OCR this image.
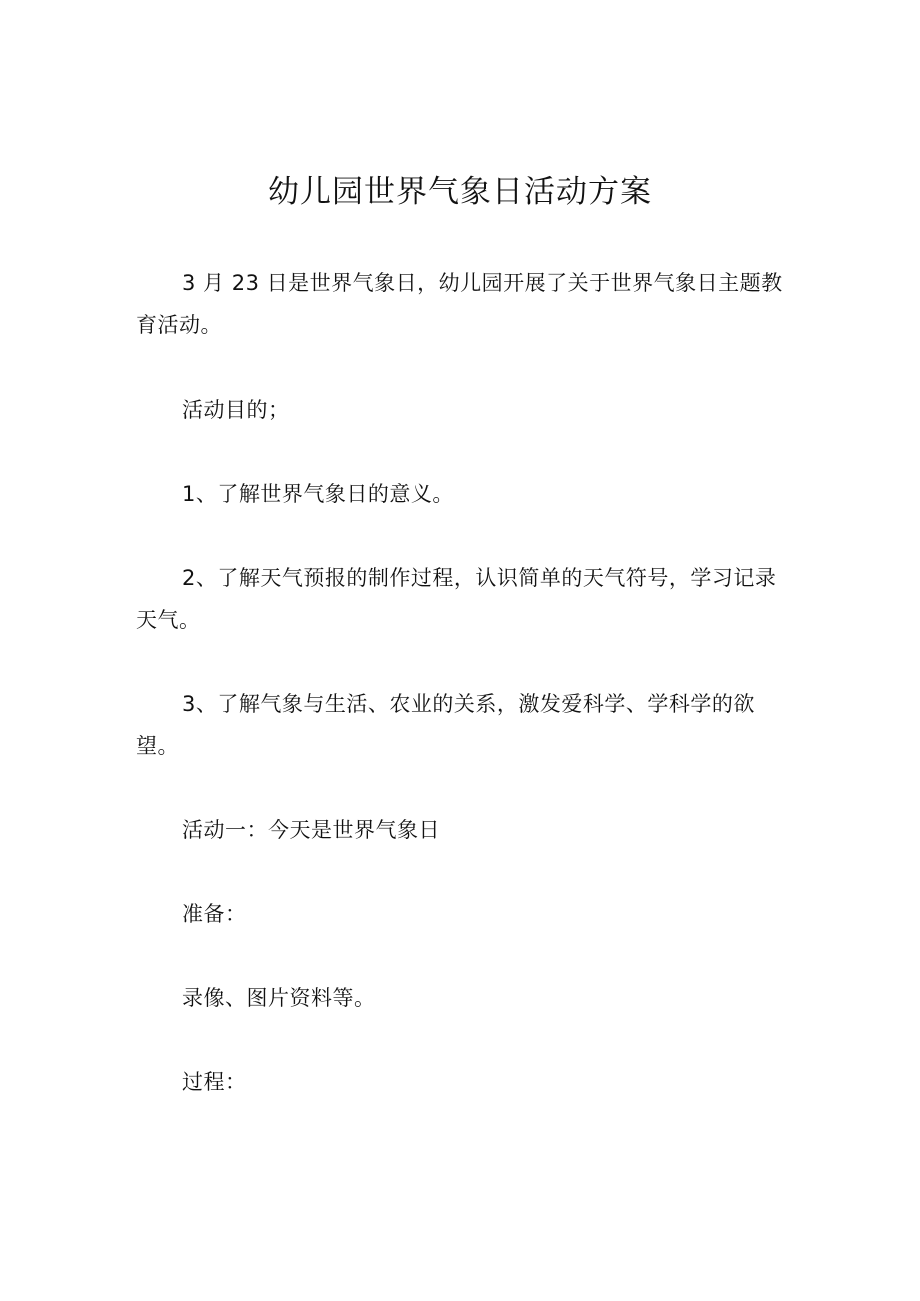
幼儿园世界气象日活动方案

3 月 23 日是世界气象日，幼儿园开展了关于世界气象日主题教育活动。

活动目的；

1、了解世界气象日的意义。

2、了解天气预报的制作过程，认识简单的天气符号，学习记录天气。

3、了解气象与生活、农业的关系，激发爱科学、学科学的欲望。

活动一：今天是世界气象日

准备：

录像、图片资料等。

过程：
